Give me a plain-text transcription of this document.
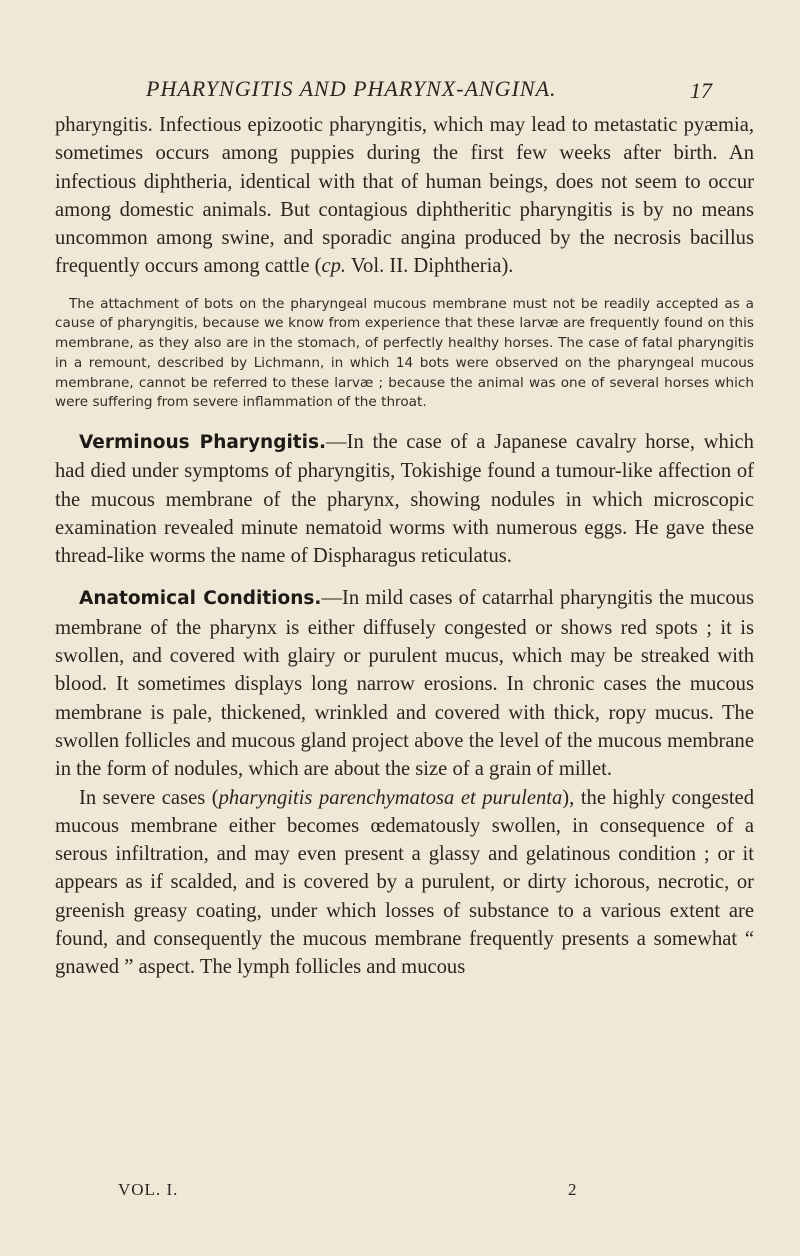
PHARYNGITIS AND PHARYNX-ANGINA.	17

pharyngitis. Infectious epizootic pharyngitis, which may lead to metastatic pyæmia, sometimes occurs among puppies during the first few weeks after birth. An infectious diphtheria, identical with that of human beings, does not seem to occur among domestic animals. But contagious diphtheritic pharyngitis is by no means uncommon among swine, and sporadic angina produced by the necrosis bacillus frequently occurs among cattle (cp. Vol. II. Diphtheria).

The attachment of bots on the pharyngeal mucous membrane must not be readily accepted as a cause of pharyngitis, because we know from experience that these larvæ are frequently found on this membrane, as they also are in the stomach, of perfectly healthy horses. The case of fatal pharyngitis in a remount, described by Lichmann, in which 14 bots were observed on the pharyngeal mucous membrane, cannot be referred to these larvæ ; because the animal was one of several horses which were suffering from severe inflammation of the throat.

Verminous Pharyngitis.—In the case of a Japanese cavalry horse, which had died under symptoms of pharyngitis, Tokishige found a tumour-like affection of the mucous membrane of the pharynx, showing nodules in which microscopic examination revealed minute nematoid worms with numerous eggs. He gave these thread-like worms the name of Dispharagus reticulatus.

Anatomical Conditions.—In mild cases of catarrhal pharyngitis the mucous membrane of the pharynx is either diffusely congested or shows red spots ; it is swollen, and covered with glairy or purulent mucus, which may be streaked with blood. It sometimes displays long narrow erosions. In chronic cases the mucous membrane is pale, thickened, wrinkled and covered with thick, ropy mucus. The swollen follicles and mucous gland project above the level of the mucous membrane in the form of nodules, which are about the size of a grain of millet.

In severe cases (pharyngitis parenchymatosa et purulenta), the highly congested mucous membrane either becomes œdematously swollen, in consequence of a serous infiltration, and may even present a glassy and gelatinous condition ; or it appears as if scalded, and is covered by a purulent, or dirty ichorous, necrotic, or greenish greasy coating, under which losses of substance to a various extent are found, and consequently the mucous membrane frequently presents a somewhat “ gnawed ” aspect. The lymph follicles and mucous

VOL. I.	2
